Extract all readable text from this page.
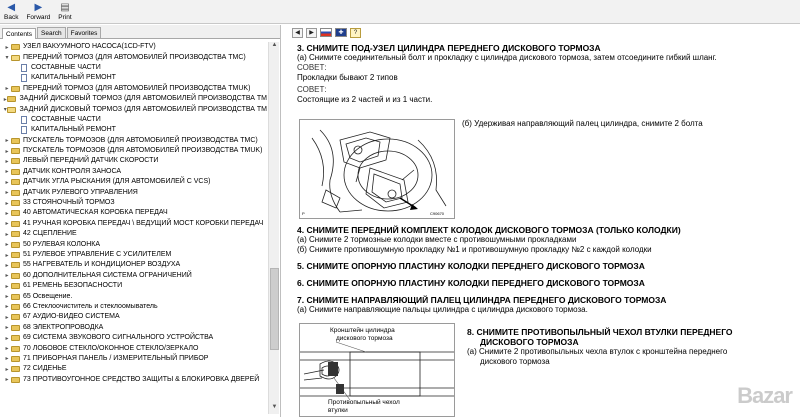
◀
Back
▶
Forward
▤
Print
Contents	Search	Favorites
▸	УЗЕЛ ВАКУУМНОГО НАСОСА(1CD-FTV)
▾	ПЕРЕДНИЙ ТОРМОЗ (ДЛЯ АВТОМОБИЛЕЙ ПРОИЗВОДСТВА TMC)
СОСТАВНЫЕ ЧАСТИ
КАПИТАЛЬНЫЙ РЕМОНТ
▸	ПЕРЕДНИЙ ТОРМОЗ (ДЛЯ АВТОМОБИЛЕЙ ПРОИЗВОДСТВА TMUK)
▸ ЗАДНИЙ ДИСКОВЫЙ ТОРМОЗ (ДЛЯ АВТОМОБИЛЕЙ ПРОИЗВОДСТВА TM
▾ ЗАДНИЙ ДИСКОВЫЙ ТОРМОЗ (ДЛЯ АВТОМОБИЛЕЙ ПРОИЗВОДСТВА TM
СОСТАВНЫЕ ЧАСТИ
КАПИТАЛЬНЫЙ РЕМОНТ
▸	ПУСКАТЕЛЬ ТОРМОЗОВ (ДЛЯ АВТОМОБИЛЕЙ ПРОИЗВОДСТВА TMC)
▸	ПУСКАТЕЛЬ ТОРМОЗОВ (ДЛЯ АВТОМОБИЛЕЙ ПРОИЗВОДСТВА TMUK)
▸	ЛЕВЫЙ ПЕРЕДНИЙ ДАТЧИК СКОРОСТИ
▸	ДАТЧИК КОНТРОЛЯ ЗАНОСА
▸	ДАТЧИК УГЛА РЫСКАНИЯ (ДЛЯ АВТОМОБИЛЕЙ С VCS)
▸	ДАТЧИК РУЛЕВОГО УПРАВЛЕНИЯ
▸	33 СТОЯНОЧНЫЙ ТОРМОЗ
▸	40 АВТОМАТИЧЕСКАЯ КОРОБКА ПЕРЕДАЧ
▸	41 РУЧНАЯ КОРОБКА ПЕРЕДАЧ \ ВЕДУЩИЙ МОСТ КОРОБКИ ПЕРЕДАЧ
▸	42 СЦЕПЛЕНИЕ
▸	50 РУЛЕВАЯ КОЛОНКА
▸	51 РУЛЕВОЕ УПРАВЛЕНИЕ С УСИЛИТЕЛЕМ
▸	55 НАГРЕВАТЕЛЬ И КОНДИЦИОНЕР ВОЗДУХА
▸	60 ДОПОЛНИТЕЛЬНАЯ СИСТЕМА ОГРАНИЧЕНИЙ
▸	61 РЕМЕНЬ БЕЗОПАСНОСТИ
▸	65 Освещение.
▸	66 Стеклоочиститель и стеклоомыватель
▸	67 АУДИО-ВИДЕО СИСТЕМА
▸	68 ЭЛЕКТРОПРОВОДКА
▸	69 СИСТЕМА ЗВУКОВОГО СИГНАЛЬНОГО УСТРОЙСТВА
▸	70 ЛОБОВОЕ СТЕКЛО/ОКОННОЕ СТЕКЛО/ЗЕРКАЛО
▸	71 ПРИБОРНАЯ ПАНЕЛЬ / ИЗМЕРИТЕЛЬНЫЙ ПРИБОР
▸	72 СИДЕНЬЕ
▸	73 ПРОТИВОУГОННОЕ СРЕДСТВО ЗАЩИТЫ & БЛОКИРОВКА ДВЕРЕЙ
▲
▼
◀	▶	✚	?
3. СНИМИТЕ ПОД-УЗЕЛ ЦИЛИНДРА ПЕРЕДНЕГО ДИСКОВОГО ТОРМОЗА
(a) Снимите соединительный болт и прокладку с цилиндра дискового тормоза, затем отсоедините гибкий шланг.
СОВЕТ:
Прокладки бывают 2 типов
СОВЕТ:
Состоящие из 2 частей и из 1 части.
P	C90670
(б) Удерживая направляющий палец цилиндра, снимите 2 болта
4. СНИМИТЕ ПЕРЕДНИЙ КОМПЛЕКТ КОЛОДОК ДИСКОВОГО ТОРМОЗА (ТОЛЬКО КОЛОДКИ)
(a) Снимите 2 тормозные колодки вместе с противошумными прокладками
(б) Снимите противошумную прокладку №1 и противошумную прокладку №2 с каждой колодки
5. СНИМИТЕ ОПОРНУЮ ПЛАСТИНУ КОЛОДКИ ПЕРЕДНЕГО ДИСКОВОГО ТОРМОЗА
6. СНИМИТЕ ОПОРНУЮ ПЛАСТИНУ КОЛОДКИ ПЕРЕДНЕГО ДИСКОВОГО ТОРМОЗА
7. СНИМИТЕ НАПРАВЛЯЮЩИЙ ПАЛЕЦ ЦИЛИНДРА ПЕРЕДНЕГО ДИСКОВОГО ТОРМОЗА
(a) Снимите направляющие пальцы цилиндра с цилиндра дискового тормоза.
Кронштейн цилиндра
дискового тормоза
Противопыльный чехол
втулки
8. СНИМИТЕ ПРОТИВОПЫЛЬНЫЙ ЧЕХОЛ ВТУЛКИ ПЕРЕДНЕГО
ДИСКОВОГО ТОРМОЗА
(a) Снимите 2 противопыльных чехла втулок с кронштейна переднего
дискового тормоза
Bazar
